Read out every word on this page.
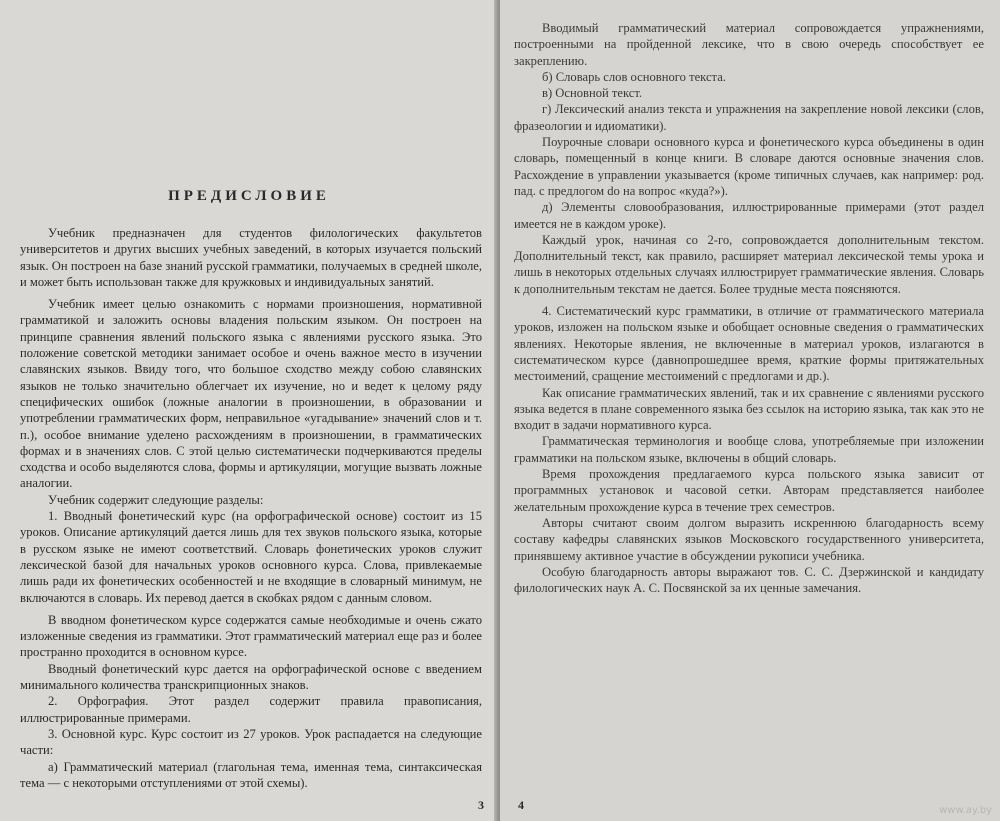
ПРЕДИСЛОВИЕ

Учебник предназначен для студентов филологических факультетов университетов и других высших учебных заведений, в которых изучается польский язык. Он построен на базе знаний русской грамматики, получаемых в средней школе, и может быть использован также для кружковых и индивидуальных занятий.

Учебник имеет целью ознакомить с нормами произношения, нормативной грамматикой и заложить основы владения польским языком. Он построен на принципе сравнения явлений польского языка с явлениями русского языка. Это положение советской методики занимает особое и очень важное место в изучении славянских языков. Ввиду того, что большое сходство между собою славянских языков не только значительно облегчает их изучение, но и ведет к целому ряду специфических ошибок (ложные аналогии в произношении, в образовании и употреблении грамматических форм, неправильное «угадывание» значений слов и т. п.), особое внимание уделено расхождениям в произношении, в грамматических формах и в значениях слов. С этой целью систематически подчеркиваются пределы сходства и особо выделяются слова, формы и артикуляции, могущие вызвать ложные аналогии.

Учебник содержит следующие разделы:

1. Вводный фонетический курс (на орфографической основе) состоит из 15 уроков. Описание артикуляций дается лишь для тех звуков польского языка, которые в русском языке не имеют соответствий. Словарь фонетических уроков служит лексической базой для начальных уроков основного курса. Слова, привлекаемые лишь ради их фонетических особенностей и не входящие в словарный минимум, не включаются в словарь. Их перевод дается в скобках рядом с данным словом.

В вводном фонетическом курсе содержатся самые необходимые и очень сжато изложенные сведения из грамматики. Этот грамматический материал еще раз и более пространно проходится в основном курсе.

Вводный фонетический курс дается на орфографической основе с введением минимального количества транскрипционных знаков.

2. Орфография. Этот раздел содержит правила правописания, иллюстрированные примерами.

3. Основной курс. Курс состоит из 27 уроков. Урок распадается на следующие части:

а) Грамматический материал (глагольная тема, именная тема, синтаксическая тема — с некоторыми отступлениями от этой схемы).

3

Вводимый грамматический материал сопровождается упражнениями, построенными на пройденной лексике, что в свою очередь способствует ее закреплению.

б) Словарь слов основного текста.

в) Основной текст.

г) Лексический анализ текста и упражнения на закрепление новой лексики (слов, фразеологии и идиоматики).

Поурочные словари основного курса и фонетического курса объединены в один словарь, помещенный в конце книги. В словаре даются основные значения слов. Расхождение в управлении указывается (кроме типичных случаев, как например: род. пад. с предлогом do на вопрос «куда?»).

д) Элементы словообразования, иллюстрированные примерами (этот раздел имеется не в каждом уроке).

Каждый урок, начиная со 2-го, сопровождается дополнительным текстом. Дополнительный текст, как правило, расширяет материал лексической темы урока и лишь в некоторых отдельных случаях иллюстрирует грамматические явления. Словарь к дополнительным текстам не дается. Более трудные места поясняются.

4. Систематический курс грамматики, в отличие от грамматического материала уроков, изложен на польском языке и обобщает основные сведения о грамматических явлениях. Некоторые явления, не включенные в материал уроков, излагаются в систематическом курсе (давнопрошедшее время, краткие формы притяжательных местоимений, сращение местоимений с предлогами и др.).

Как описание грамматических явлений, так и их сравнение с явлениями русского языка ведется в плане современного языка без ссылок на историю языка, так как это не входит в задачи нормативного курса.

Грамматическая терминология и вообще слова, употребляемые при изложении грамматики на польском языке, включены в общий словарь.

Время прохождения предлагаемого курса польского языка зависит от программных установок и часовой сетки. Авторам представляется наиболее желательным прохождение курса в течение трех семестров.

Авторы считают своим долгом выразить искреннюю благодарность всему составу кафедры славянских языков Московского государственного университета, принявшему активное участие в обсуждении рукописи учебника.

Особую благодарность авторы выражают тов. С. С. Дзержинской и кандидату филологических наук А. С. Посвянской за их ценные замечания.

4	www.ay.by
